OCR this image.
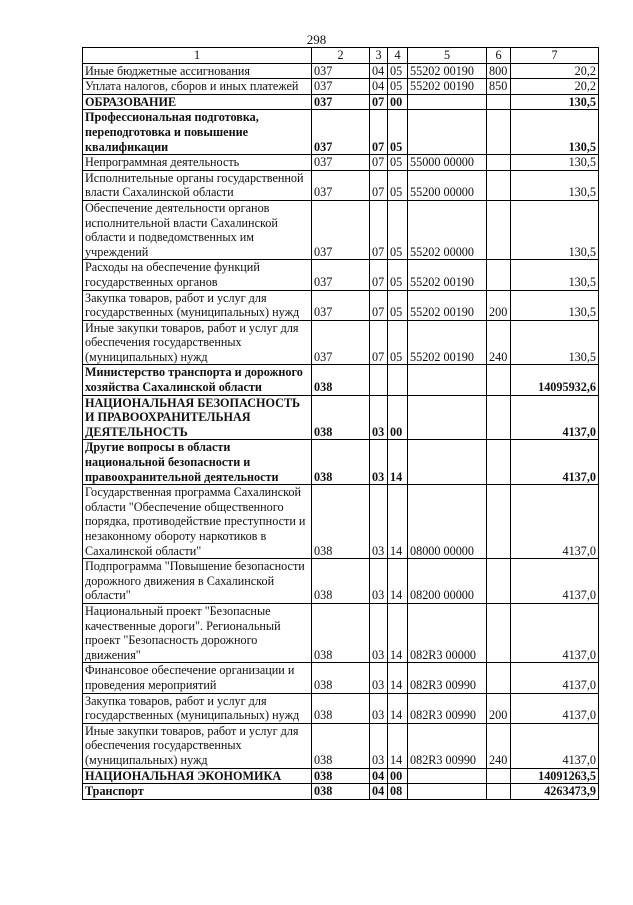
298
1	2	3	4	5	6	7
Иные бюджетные ассигнования	037	04	05	55202 00190	800	20,2
Уплата налогов, сборов и иных платежей	037	04	05	55202 00190	850	20,2
ОБРАЗОВАНИЕ	037	07	00			130,5
Профессиональная подготовка, переподготовка и повышение квалификации	037	07	05			130,5
Непрограммная деятельность	037	07	05	55000 00000		130,5
Исполнительные органы государственной власти Сахалинской области	037	07	05	55200 00000		130,5
Обеспечение деятельности органов исполнительной власти Сахалинской области и подведомственных им учреждений	037	07	05	55202 00000		130,5
Расходы на обеспечение функций государственных органов	037	07	05	55202 00190		130,5
Закупка товаров, работ и услуг для государственных (муниципальных) нужд	037	07	05	55202 00190	200	130,5
Иные закупки товаров, работ и услуг для обеспечения государственных (муниципальных) нужд	037	07	05	55202 00190	240	130,5
Министерство транспорта и дорожного хозяйства Сахалинской области	038					14095932,6
НАЦИОНАЛЬНАЯ БЕЗОПАСНОСТЬ И ПРАВООХРАНИТЕЛЬНАЯ ДЕЯТЕЛЬНОСТЬ	038	03	00			4137,0
Другие вопросы в области национальной безопасности и правоохранительной деятельности	038	03	14			4137,0
Государственная программа Сахалинской области "Обеспечение общественного порядка, противодействие преступности и незаконному обороту наркотиков в Сахалинской области"	038	03	14	08000 00000		4137,0
Подпрограмма "Повышение безопасности дорожного движения в Сахалинской области"	038	03	14	08200 00000		4137,0
Национальный проект "Безопасные качественные дороги". Региональный проект "Безопасность дорожного движения"	038	03	14	082R3 00000		4137,0
Финансовое обеспечение организации и проведения мероприятий	038	03	14	082R3 00990		4137,0
Закупка товаров, работ и услуг для государственных (муниципальных) нужд	038	03	14	082R3 00990	200	4137,0
Иные закупки товаров, работ и услуг для обеспечения государственных (муниципальных) нужд	038	03	14	082R3 00990	240	4137,0
НАЦИОНАЛЬНАЯ ЭКОНОМИКА	038	04	00			14091263,5
Транспорт	038	04	08			4263473,9
